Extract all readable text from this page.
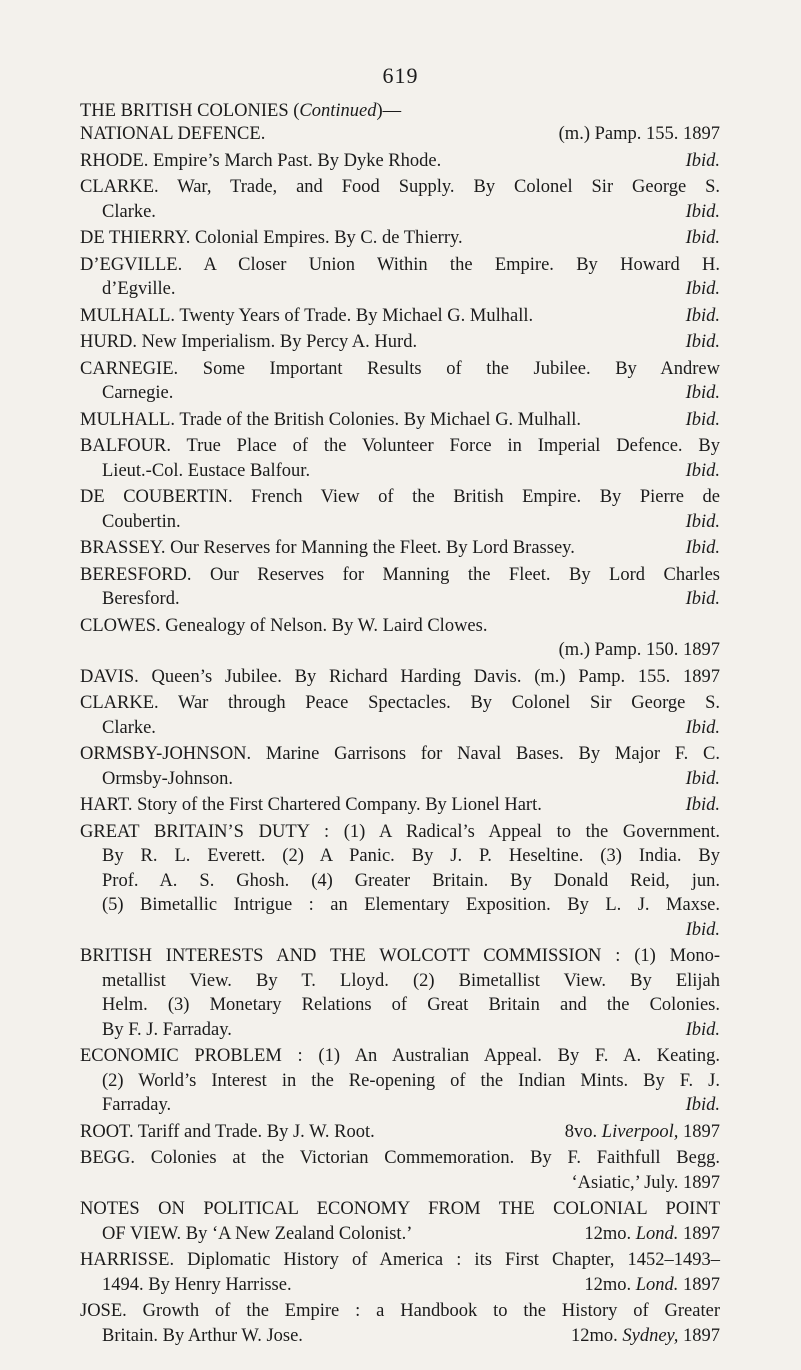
619
THE BRITISH COLONIES (Continued)—
NATIONAL DEFENCE.	(m.) Pamp. 155. 1897
RHODE. Empire’s March Past. By Dyke Rhode.	Ibid.
CLARKE. War, Trade, and Food Supply. By Colonel Sir George S.
Clarke.	Ibid.
DE THIERRY. Colonial Empires. By C. de Thierry.	Ibid.
D’EGVILLE. A Closer Union Within the Empire. By Howard H.
d’Egville.	Ibid.
MULHALL. Twenty Years of Trade. By Michael G. Mulhall.	Ibid.
HURD. New Imperialism. By Percy A. Hurd.	Ibid.
CARNEGIE. Some Important Results of the Jubilee. By Andrew
Carnegie.	Ibid.
MULHALL. Trade of the British Colonies. By Michael G. Mulhall.	Ibid.
BALFOUR. True Place of the Volunteer Force in Imperial Defence. By
Lieut.-Col. Eustace Balfour.	Ibid.
DE COUBERTIN. French View of the British Empire. By Pierre de
Coubertin.	Ibid.
BRASSEY. Our Reserves for Manning the Fleet. By Lord Brassey.	Ibid.
BERESFORD. Our Reserves for Manning the Fleet. By Lord Charles
Beresford.	Ibid.
CLOWES. Genealogy of Nelson. By W. Laird Clowes.
(m.) Pamp. 150. 1897
DAVIS. Queen’s Jubilee. By Richard Harding Davis. (m.) Pamp. 155. 1897
CLARKE. War through Peace Spectacles. By Colonel Sir George S.
Clarke.	Ibid.
ORMSBY-JOHNSON. Marine Garrisons for Naval Bases. By Major F. C.
Ormsby-Johnson.	Ibid.
HART. Story of the First Chartered Company. By Lionel Hart.	Ibid.
GREAT BRITAIN’S DUTY : (1) A Radical’s Appeal to the Government.
By R. L. Everett. (2) A Panic. By J. P. Heseltine. (3) India. By
Prof. A. S. Ghosh. (4) Greater Britain. By Donald Reid, jun.
(5) Bimetallic Intrigue : an Elementary Exposition. By L. J. Maxse.
Ibid.
BRITISH INTERESTS AND THE WOLCOTT COMMISSION : (1) Mono-
metallist View. By T. Lloyd. (2) Bimetallist View. By Elijah
Helm. (3) Monetary Relations of Great Britain and the Colonies.
By F. J. Farraday.	Ibid.
ECONOMIC PROBLEM : (1) An Australian Appeal. By F. A. Keating.
(2) World’s Interest in the Re-opening of the Indian Mints. By F. J.
Farraday.	Ibid.
ROOT. Tariff and Trade. By J. W. Root.	8vo. Liverpool, 1897
BEGG. Colonies at the Victorian Commemoration. By F. Faithfull Begg.
‘Asiatic,’ July. 1897
NOTES ON POLITICAL ECONOMY FROM THE COLONIAL POINT
OF VIEW. By ‘A New Zealand Colonist.’	12mo. Lond. 1897
HARRISSE. Diplomatic History of America : its First Chapter, 1452–1493–
1494. By Henry Harrisse.	12mo. Lond. 1897
JOSE. Growth of the Empire : a Handbook to the History of Greater
Britain. By Arthur W. Jose.	12mo. Sydney, 1897
